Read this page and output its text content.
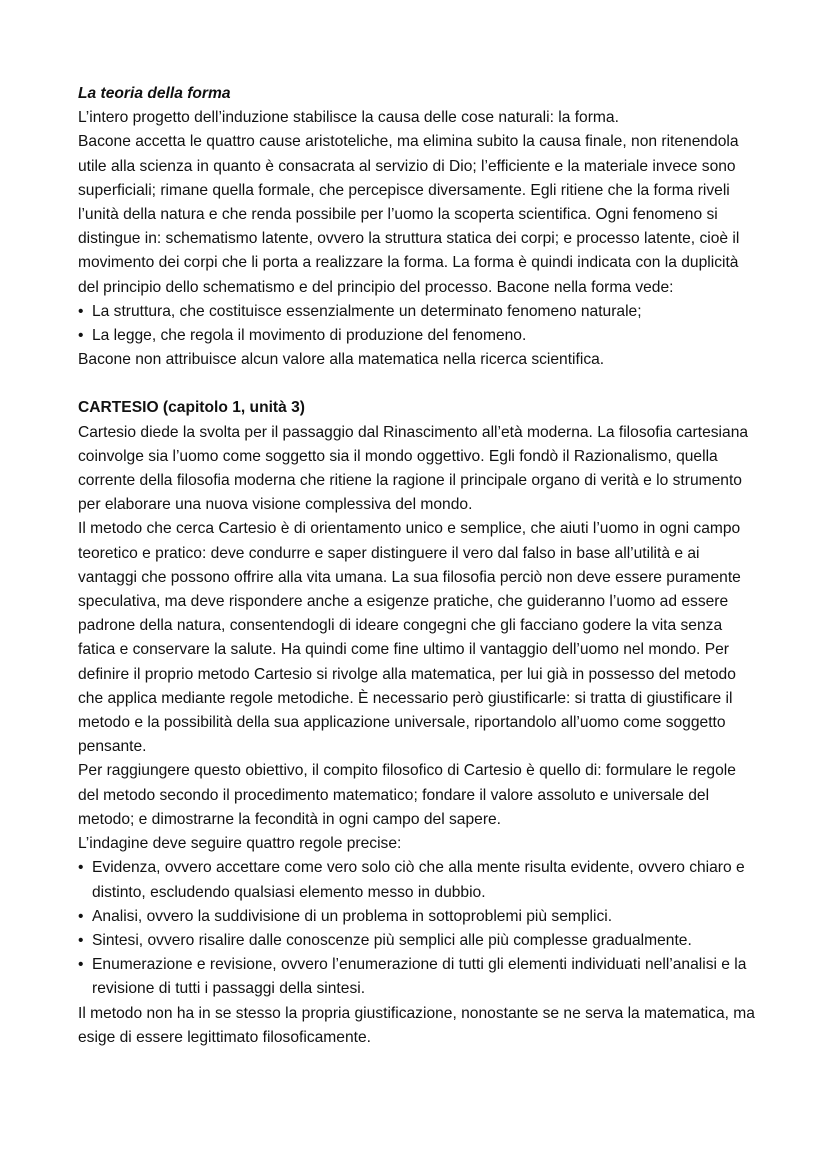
La teoria della forma

L’intero progetto dell’induzione stabilisce la causa delle cose naturali: la forma.

Bacone accetta le quattro cause aristoteliche, ma elimina subito la causa finale, non ritenendola utile alla scienza in quanto è consacrata al servizio di Dio; l’efficiente e la materiale invece sono superficiali; rimane quella formale, che percepisce diversamente. Egli ritiene che la forma riveli l’unità della natura e che renda possibile per l’uomo la scoperta scientifica. Ogni fenomeno si distingue in: schematismo latente, ovvero la struttura statica dei corpi; e processo latente, cioè il movimento dei corpi che li porta a realizzare la forma. La forma è quindi indicata con la duplicità del principio dello schematismo e del principio del processo. Bacone nella forma vede:

• La struttura, che costituisce essenzialmente un determinato fenomeno naturale;
• La legge, che regola il movimento di produzione del fenomeno.

Bacone non attribuisce alcun valore alla matematica nella ricerca scientifica.

CARTESIO (capitolo 1, unità 3)

Cartesio diede la svolta per il passaggio dal Rinascimento all’età moderna. La filosofia cartesiana coinvolge sia l’uomo come soggetto sia il mondo oggettivo. Egli fondò il Razionalismo, quella corrente della filosofia moderna che ritiene la ragione il principale organo di verità e lo strumento per elaborare una nuova visione complessiva del mondo.

Il metodo che cerca Cartesio è di orientamento unico e semplice, che aiuti l’uomo in ogni campo teoretico e pratico: deve condurre e saper distinguere il vero dal falso in base all’utilità e ai vantaggi che possono offrire alla vita umana. La sua filosofia perciò non deve essere puramente speculativa, ma deve rispondere anche a esigenze pratiche, che guideranno l’uomo ad essere padrone della natura, consentendogli di ideare congegni che gli facciano godere la vita senza fatica e conservare la salute. Ha quindi come fine ultimo il vantaggio dell’uomo nel mondo. Per definire il proprio metodo Cartesio si rivolge alla matematica, per lui già in possesso del metodo che applica mediante regole metodiche. È necessario però giustificarle: si tratta di giustificare il metodo e la possibilità della sua applicazione universale, riportandolo all’uomo come soggetto pensante.

Per raggiungere questo obiettivo, il compito filosofico di Cartesio è quello di: formulare le regole del metodo secondo il procedimento matematico; fondare il valore assoluto e universale del metodo; e dimostrarne la fecondità in ogni campo del sapere.

L’indagine deve seguire quattro regole precise:

• Evidenza, ovvero accettare come vero solo ciò che alla mente risulta evidente, ovvero chiaro e distinto, escludendo qualsiasi elemento messo in dubbio.
• Analisi, ovvero la suddivisione di un problema in sottoproblemi più semplici.
• Sintesi, ovvero risalire dalle conoscenze più semplici alle più complesse gradualmente.
• Enumerazione e revisione, ovvero l’enumerazione di tutti gli elementi individuati nell’analisi e la revisione di tutti i passaggi della sintesi.

Il metodo non ha in se stesso la propria giustificazione, nonostante se ne serva la matematica, ma esige di essere legittimato filosoficamente.
